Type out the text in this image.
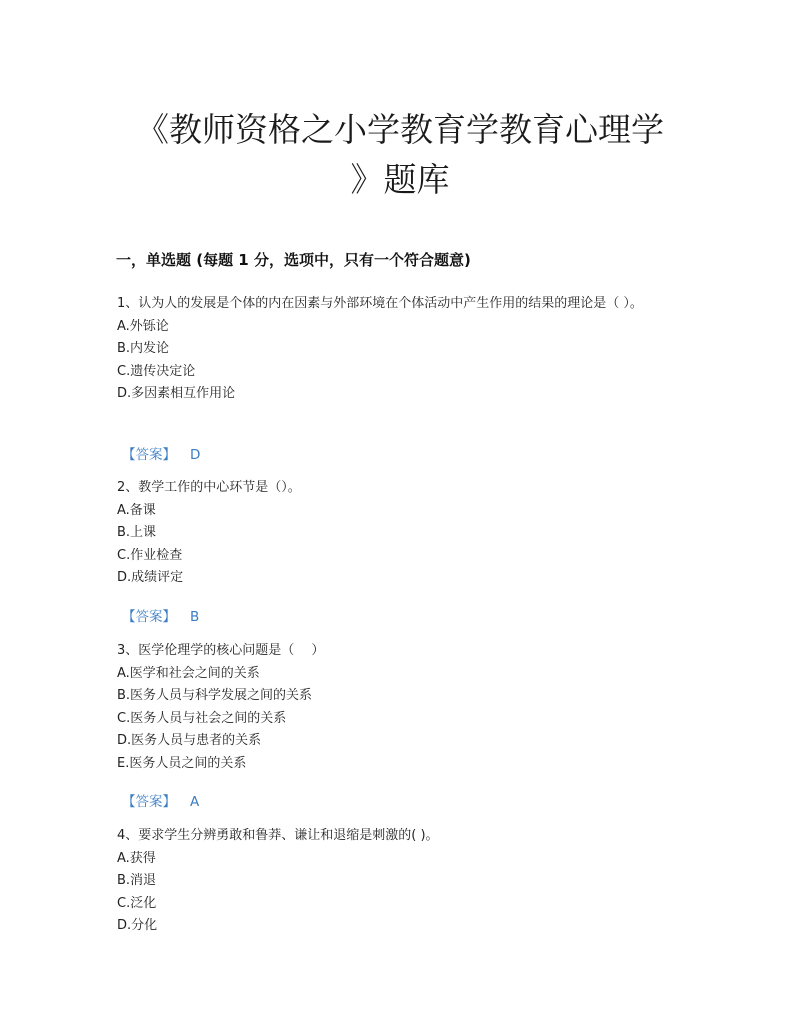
《教师资格之小学教育学教育心理学
》题库
一，单选题 (每题 1 分，选项中，只有一个符合题意)
1、认为人的发展是个体的内在因素与外部环境在个体活动中产生作用的结果的理论是（ ）。
A.外铄论
B.内发论
C.遗传决定论
D.多因素相互作用论
【答案】 D
2、教学工作的中心环节是（）。
A.备课
B.上课
C.作业检查
D.成绩评定
【答案】 B
3、医学伦理学的核心问题是（　 ）
A.医学和社会之间的关系
B.医务人员与科学发展之间的关系
C.医务人员与社会之间的关系
D.医务人员与患者的关系
E.医务人员之间的关系
【答案】 A
4、要求学生分辨勇敢和鲁莽、谦让和退缩是刺激的( )。
A.获得
B.消退
C.泛化
D.分化
